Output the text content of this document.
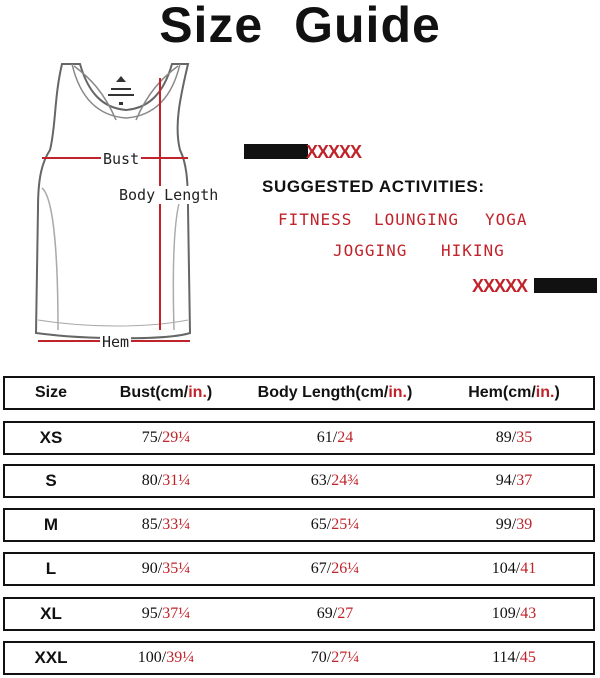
Size Guide
Bust
Body Length
Hem
XXXXX
SUGGESTED ACTIVITIES:
FITNESS LOUNGING YOGA
JOGGING HIKING
XXXXX
Size	Bust(cm/in.)	Body Length(cm/in.)	Hem(cm/in.)
XS	75/29¼	61/24	89/35
S	80/31¼	63/24¾	94/37
M	85/33¼	65/25¼	99/39
L	90/35¼	67/26¼	104/41
XL	95/37¼	69/27	109/43
XXL	100/39¼	70/27¼	114/45
